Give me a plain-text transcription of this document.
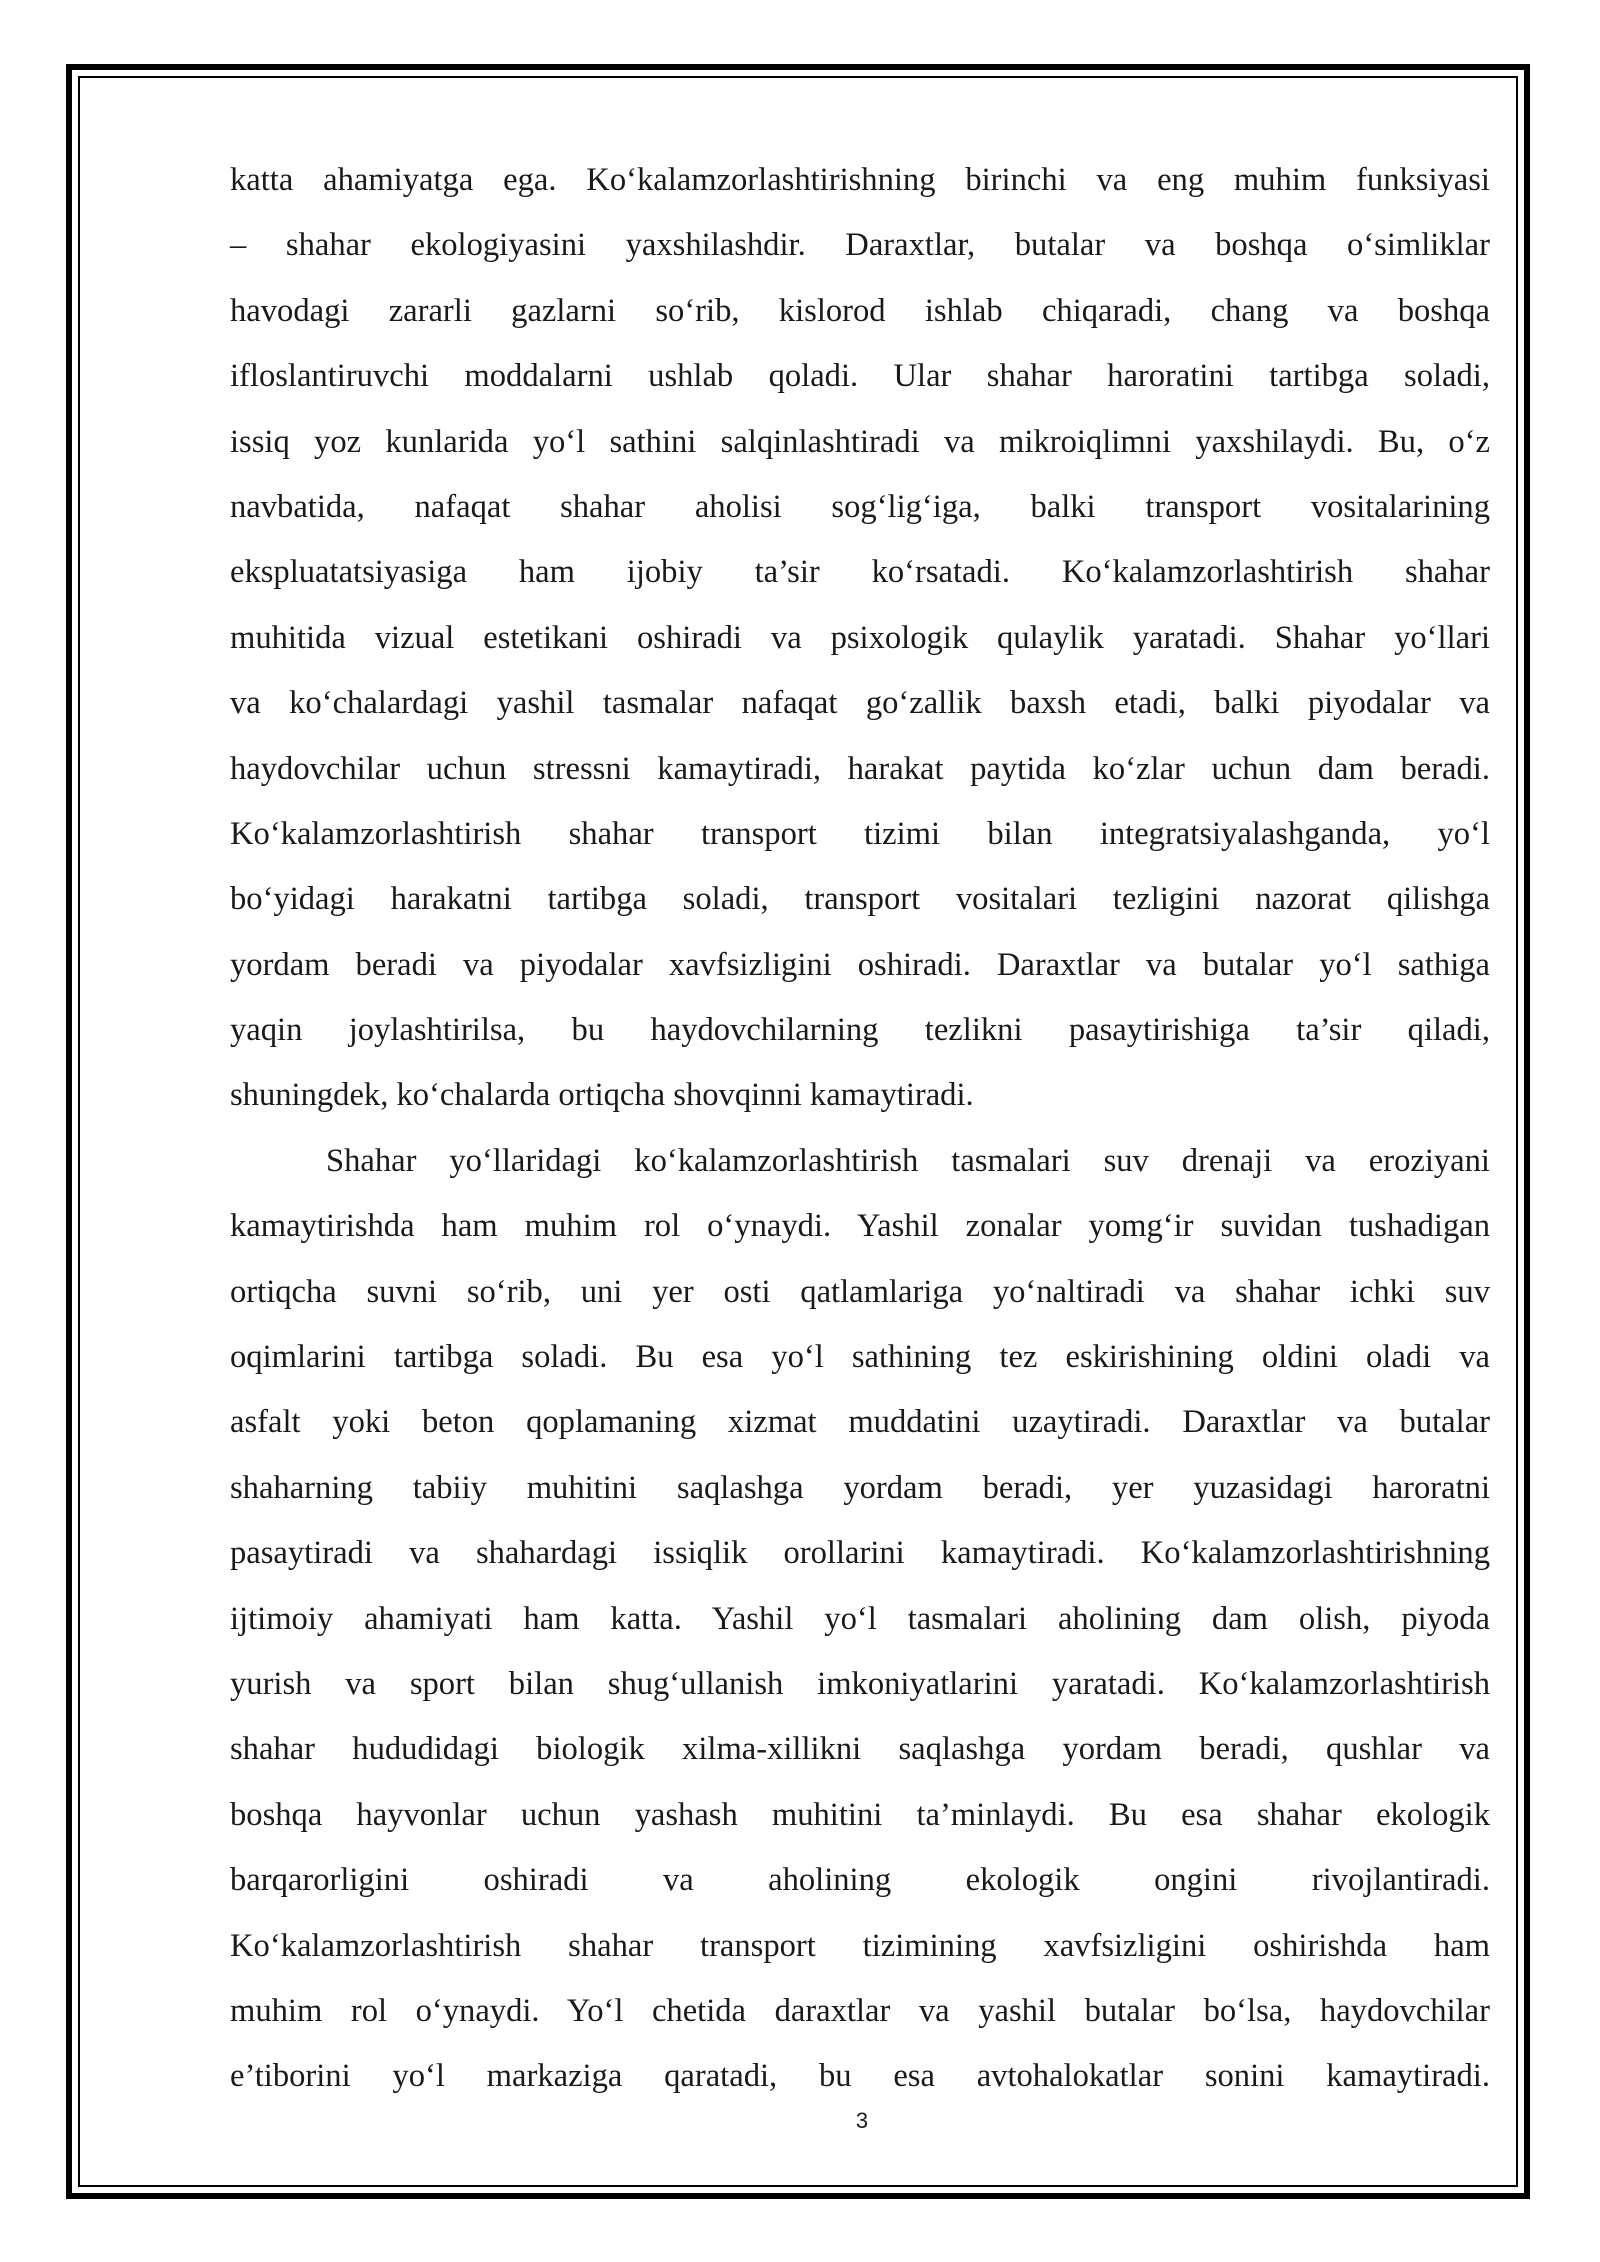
katta ahamiyatga ega. Ko‘kalamzorlashtirishning birinchi va eng muhim funksiyasi
– shahar ekologiyasini yaxshilashdir. Daraxtlar, butalar va boshqa o‘simliklar
havodagi zararli gazlarni so‘rib, kislorod ishlab chiqaradi, chang va boshqa
ifloslantiruvchi moddalarni ushlab qoladi. Ular shahar haroratini tartibga soladi,
issiq yoz kunlarida yo‘l sathini salqinlashtiradi va mikroiqlimni yaxshilaydi. Bu, o‘z
navbatida, nafaqat shahar aholisi sog‘lig‘iga, balki transport vositalarining
ekspluatatsiyasiga ham ijobiy ta’sir ko‘rsatadi. Ko‘kalamzorlashtirish shahar
muhitida vizual estetikani oshiradi va psixologik qulaylik yaratadi. Shahar yo‘llari
va ko‘chalardagi yashil tasmalar nafaqat go‘zallik baxsh etadi, balki piyodalar va
haydovchilar uchun stressni kamaytiradi, harakat paytida ko‘zlar uchun dam beradi.
Ko‘kalamzorlashtirish shahar transport tizimi bilan integratsiyalashganda, yo‘l
bo‘yidagi harakatni tartibga soladi, transport vositalari tezligini nazorat qilishga
yordam beradi va piyodalar xavfsizligini oshiradi. Daraxtlar va butalar yo‘l sathiga
yaqin joylashtirilsa, bu haydovchilarning tezlikni pasaytirishiga ta’sir qiladi,
shuningdek, ko‘chalarda ortiqcha shovqinni kamaytiradi.
Shahar yo‘llaridagi ko‘kalamzorlashtirish tasmalari suv drenaji va eroziyani
kamaytirishda ham muhim rol o‘ynaydi. Yashil zonalar yomg‘ir suvidan tushadigan
ortiqcha suvni so‘rib, uni yer osti qatlamlariga yo‘naltiradi va shahar ichki suv
oqimlarini tartibga soladi. Bu esa yo‘l sathining tez eskirishining oldini oladi va
asfalt yoki beton qoplamaning xizmat muddatini uzaytiradi. Daraxtlar va butalar
shaharning tabiiy muhitini saqlashga yordam beradi, yer yuzasidagi haroratni
pasaytiradi va shahardagi issiqlik orollarini kamaytiradi. Ko‘kalamzorlashtirishning
ijtimoiy ahamiyati ham katta. Yashil yo‘l tasmalari aholining dam olish, piyoda
yurish va sport bilan shug‘ullanish imkoniyatlarini yaratadi. Ko‘kalamzorlashtirish
shahar hududidagi biologik xilma-xillikni saqlashga yordam beradi, qushlar va
boshqa hayvonlar uchun yashash muhitini ta’minlaydi. Bu esa shahar ekologik
barqarorligini oshiradi va aholining ekologik ongini rivojlantiradi.
Ko‘kalamzorlashtirish shahar transport tizimining xavfsizligini oshirishda ham
muhim rol o‘ynaydi. Yo‘l chetida daraxtlar va yashil butalar bo‘lsa, haydovchilar
e’tiborini yo‘l markaziga qaratadi, bu esa avtohalokatlar sonini kamaytiradi.
3
